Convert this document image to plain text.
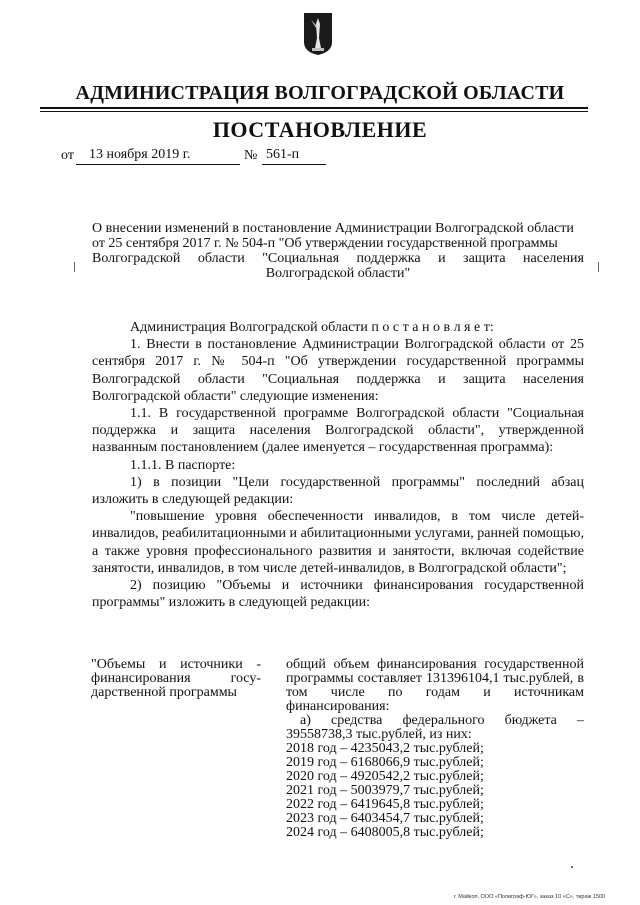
АДМИНИСТРАЦИЯ ВОЛГОГРАДСКОЙ ОБЛАСТИ
ПОСТАНОВЛЕНИЕ
от 13 ноября 2019 г.	№ 561-п
О внесении изменений в постановление Администрации Волгоградской области
от 25 сентября 2017 г. № 504-п "Об утверждении государственной программы
Волгоградской области "Социальная поддержка и защита населения
Волгоградской области"

Администрация Волгоградской области п о с т а н о в л я е т:

1. Внести в постановление Администрации Волгоградской области от 25 сентября 2017 г. № 504-п "Об утверждении государственной программы Волгоградской области "Социальная поддержка и защита населения Волгоградской области" следующие изменения:

1.1. В государственной программе Волгоградской области "Социальная поддержка и защита населения Волгоградской области", утвержденной названным постановлением (далее именуется – государственная программа):

1.1.1. В паспорте:

1) в позиции "Цели государственной программы" последний абзац изложить в следующей редакции:

"повышение уровня обеспеченности инвалидов, в том числе детей-инвалидов, реабилитационными и абилитационными услугами, ранней помощью, а также уровня профессионального развития и занятости, включая содействие занятости, инвалидов, в том числе детей-инвалидов, в Волгоградской области";

2) позицию "Объемы и источники финансирования государственной программы" изложить в следующей редакции:

"Объемы и источники - финансирования госу- дарственной программы

общий объем финансирования государственной программы составляет 131396104,1 тыс.рублей, в том числе по годам и источникам финансирования:

а) средства федерального бюджета – 39558738,3 тыс.рублей, из них:

2018 год – 4235043,2 тыс.рублей;
2019 год – 6168066,9 тыс.рублей;
2020 год – 4920542,2 тыс.рублей;
2021 год – 5003979,7 тыс.рублей;
2022 год – 6419645,8 тыс.рублей;
2023 год – 6403454,7 тыс.рублей;
2024 год – 6408005,8 тыс.рублей;
г. Майкоп, ООО «Полиграф-ЮГ», заказ 10 «С», тираж 1500
